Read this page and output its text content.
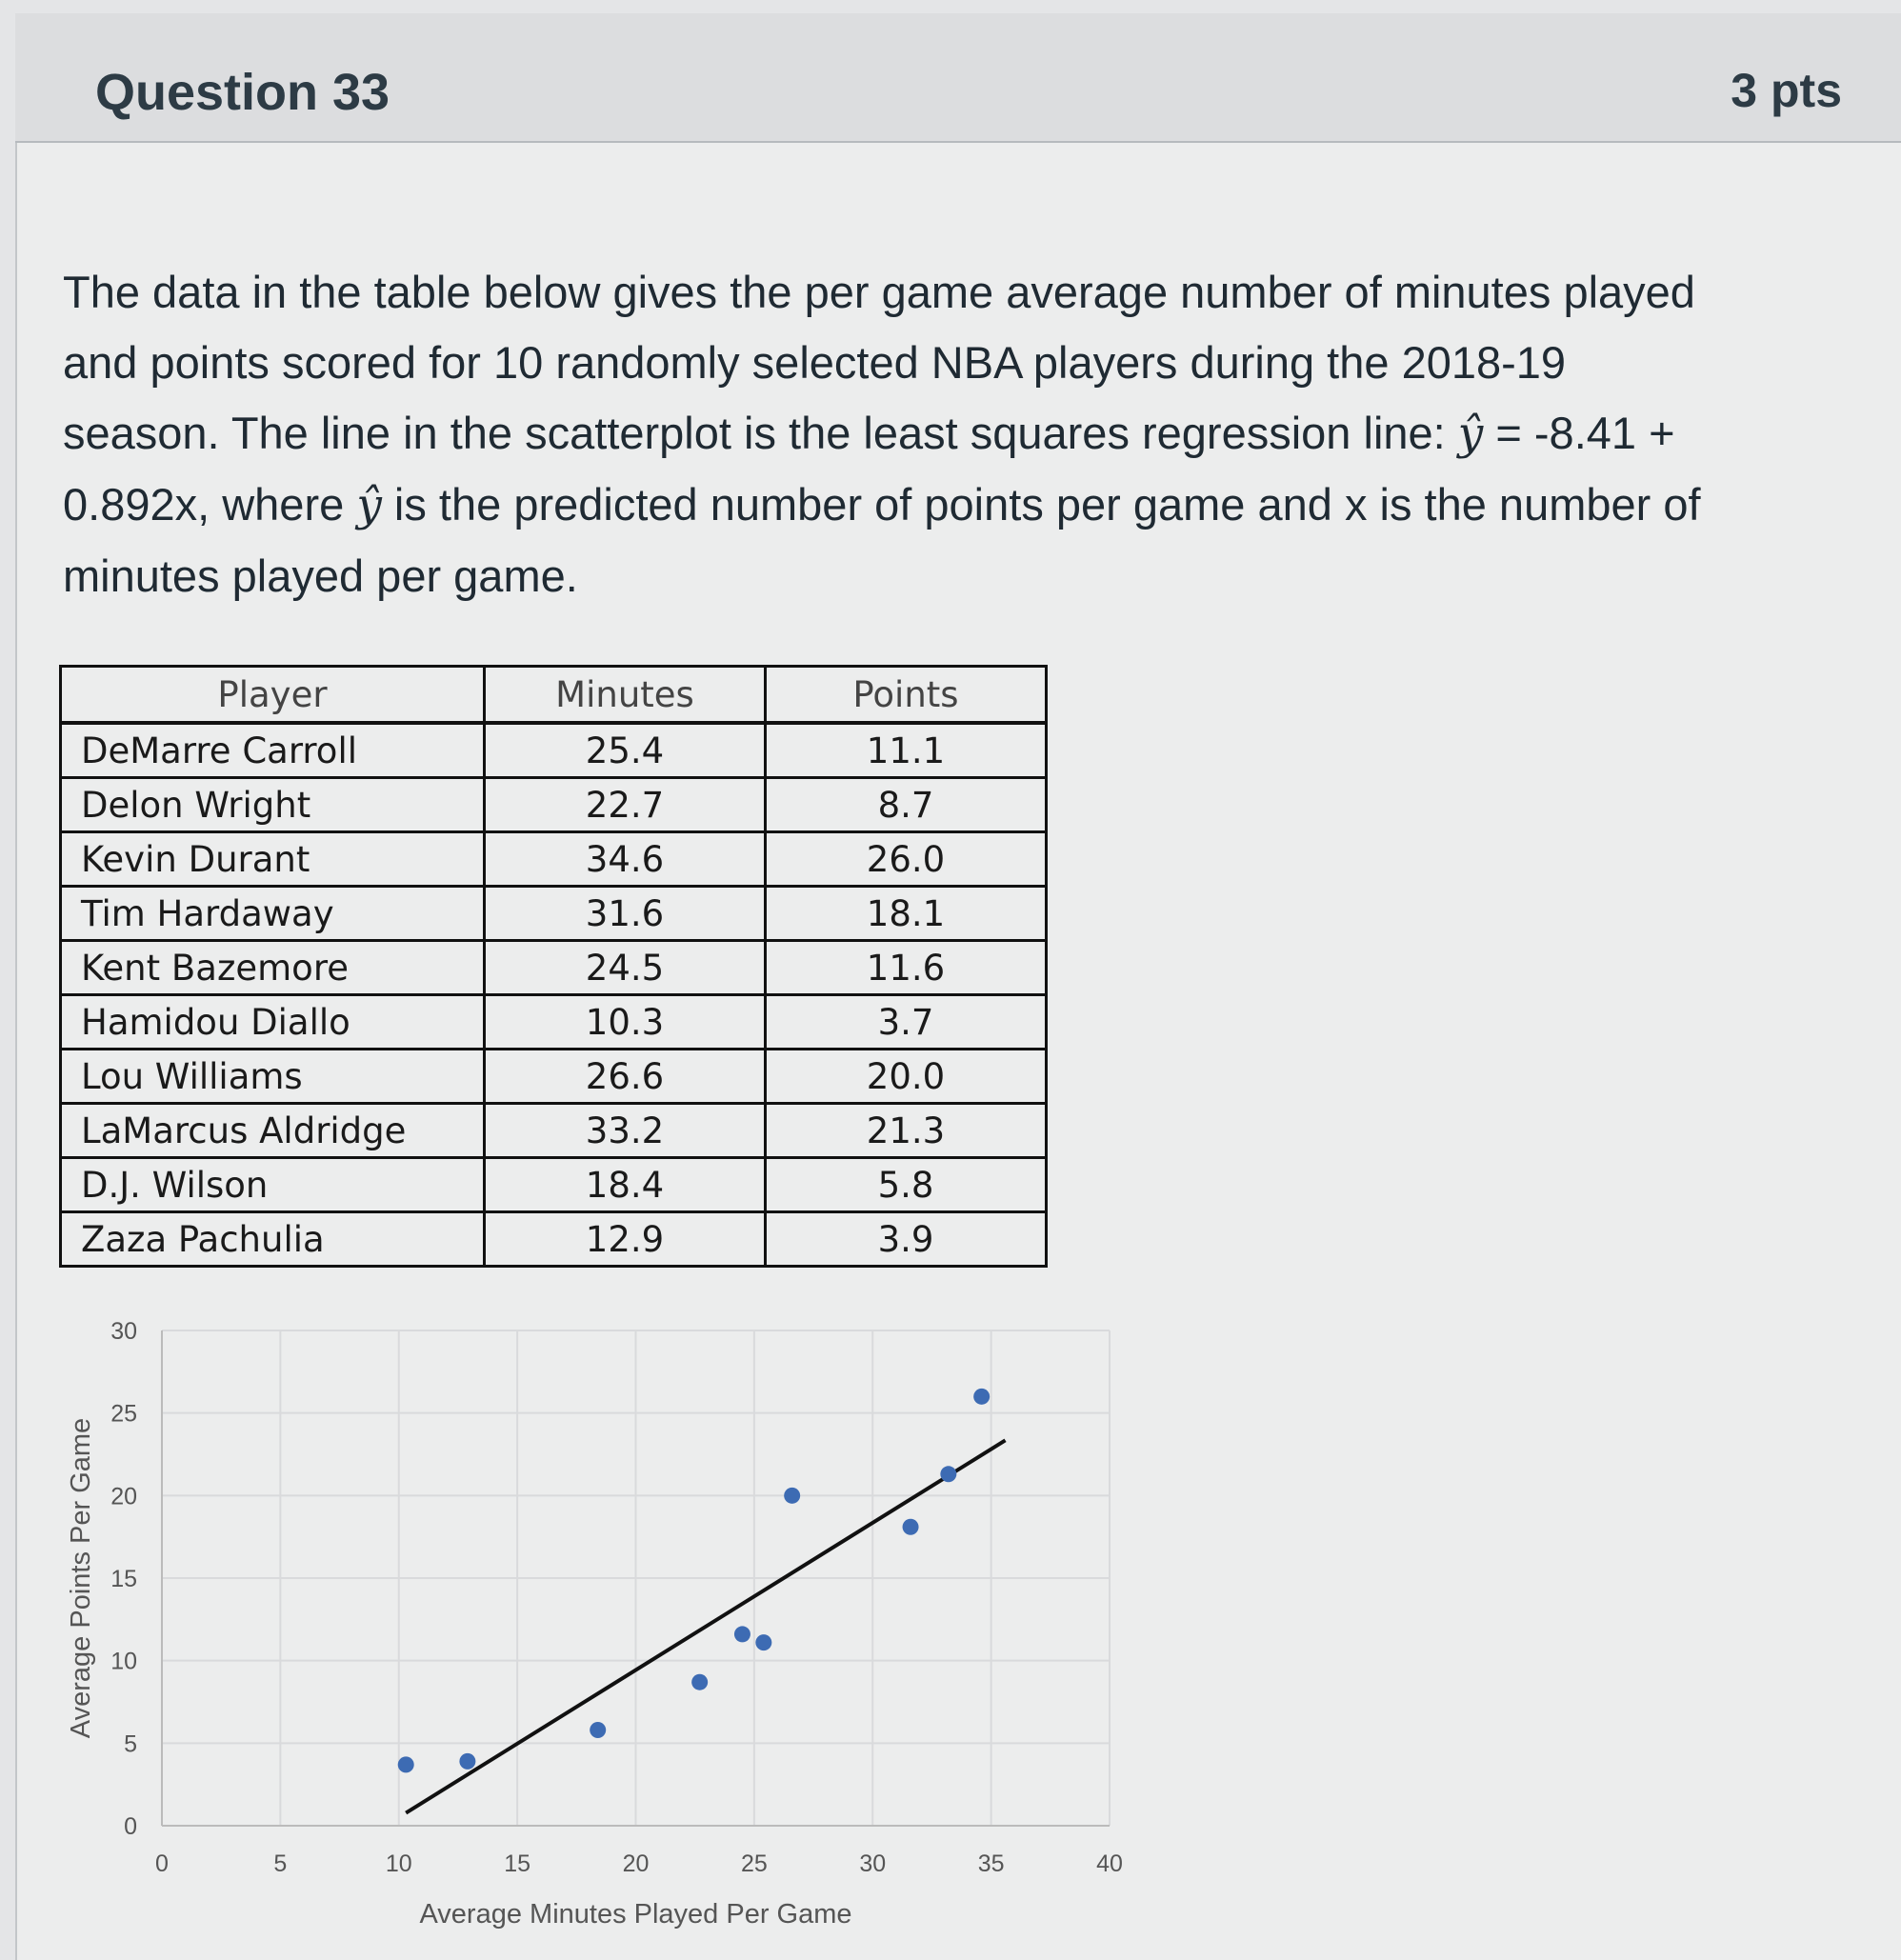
Question 33	3 pts
The data in the table below gives the per game average number of minutes played
and points scored for 10 randomly selected NBA players during the 2018-19
season. The line in the scatterplot is the least squares regression line: ŷ = -8.41 +
0.892x, where ŷ is the predicted number of points per game and x is the number of
minutes played per game.
Player	Minutes	Points
DeMarre Carroll	25.4	11.1
Delon Wright	22.7	8.7
Kevin Durant	34.6	26.0
Tim Hardaway	31.6	18.1
Kent Bazemore	24.5	11.6
Hamidou Diallo	10.3	3.7
Lou Williams	26.6	20.0
LaMarcus Aldridge	33.2	21.3
D.J. Wilson	18.4	5.8
Zaza Pachulia	12.9	3.9
0	5	10	15	20	25	30	35	40
0
5
10
15
20
25
30
Average Minutes Played Per Game
Average Points Per Game
